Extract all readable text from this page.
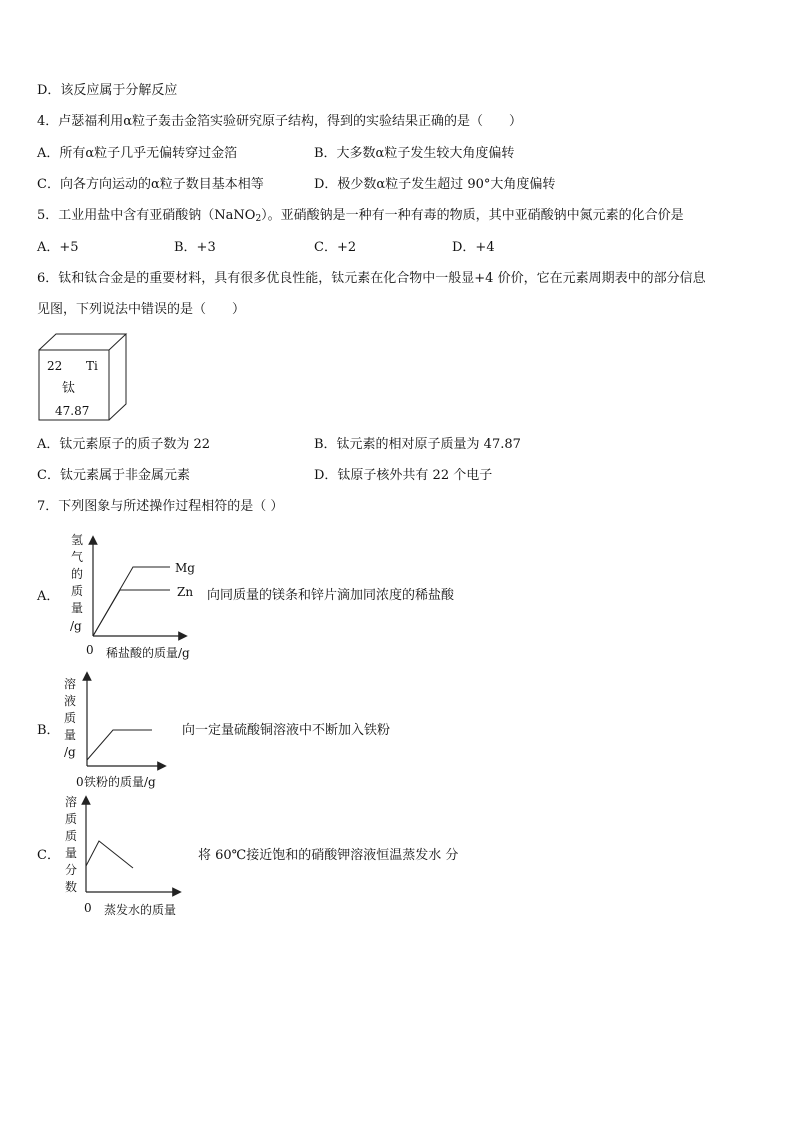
D．该反应属于分解反应
4．卢瑟福利用α粒子轰击金箔实验研究原子结构，得到的实验结果正确的是（　　）
A．所有α粒子几乎无偏转穿过金箔	B．大多数α粒子发生较大角度偏转
C．向各方向运动的α粒子数目基本相等	D．极少数α粒子发生超过 90°大角度偏转
5．工业用盐中含有亚硝酸钠（NaNO$_2$）。亚硝酸钠是一种有一种有毒的物质，其中亚硝酸钠中氮元素的化合价是
A．+5	B．+3	C．+2	D．+4
6．钛和钛合金是的重要材料，具有很多优良性能，钛元素在化合物中一般显+4 价价，它在元素周期表中的部分信息
见图，下列说法中错误的是（　　）
22 Ti
钛
47.87
A．钛元素原子的质子数为 22	B．钛元素的相对原子质量为 47.87
C．钛元素属于非金属元素	D．钛原子核外共有 22 个电子
7．下列图象与所述操作过程相符的是（ ）
A．
Mg
Zn
氢
气
的
质
量
/g
0 稀盐酸的质量/g
向同质量的镁条和锌片滴加同浓度的稀盐酸
B．
溶
液
质
量
/g
0 铁粉的质量/g
向一定量硫酸铜溶液中不断加入铁粉
C．
溶
质
质
量
分
数
0 蒸发水的质量
将 60℃接近饱和的硝酸钾溶液恒温蒸发水 分
